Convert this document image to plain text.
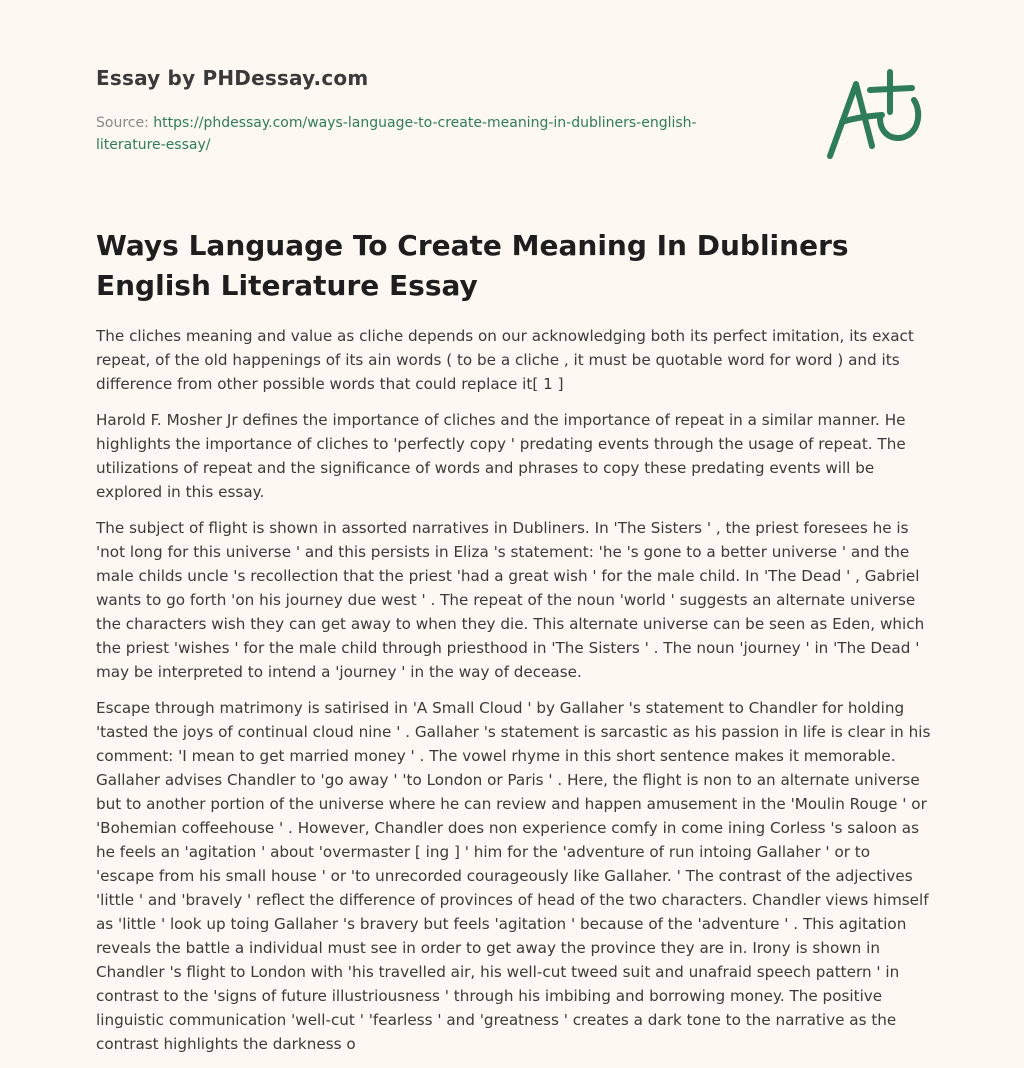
Essay by PHDessay.com
Source: https://phdessay.com/ways-language-to-create-meaning-in-dubliners-english-literature-essay/
Ways Language To Create Meaning In Dubliners English Literature Essay

The cliches meaning and value as cliche depends on our acknowledging both its perfect imitation, its exact repeat, of the old happenings of its ain words ( to be a cliche , it must be quotable word for word ) and its difference from other possible words that could replace it[ 1 ]

Harold F. Mosher Jr defines the importance of cliches and the importance of repeat in a similar manner. He highlights the importance of cliches to 'perfectly copy ' predating events through the usage of repeat. The utilizations of repeat and the significance of words and phrases to copy these predating events will be explored in this essay.

The subject of flight is shown in assorted narratives in Dubliners. In 'The Sisters ' , the priest foresees he is 'not long for this universe ' and this persists in Eliza 's statement: 'he 's gone to a better universe ' and the male childs uncle 's recollection that the priest 'had a great wish ' for the male child. In 'The Dead ' , Gabriel wants to go forth 'on his journey due west ' . The repeat of the noun 'world ' suggests an alternate universe the characters wish they can get away to when they die. This alternate universe can be seen as Eden, which the priest 'wishes ' for the male child through priesthood in 'The Sisters ' . The noun 'journey ' in 'The Dead ' may be interpreted to intend a 'journey ' in the way of decease.

Escape through matrimony is satirised in 'A Small Cloud ' by Gallaher 's statement to Chandler for holding 'tasted the joys of continual cloud nine ' . Gallaher 's statement is sarcastic as his passion in life is clear in his comment: 'I mean to get married money ' . The vowel rhyme in this short sentence makes it memorable. Gallaher advises Chandler to 'go away ' 'to London or Paris ' . Here, the flight is non to an alternate universe but to another portion of the universe where he can review and happen amusement in the 'Moulin Rouge ' or 'Bohemian coffeehouse ' . However, Chandler does non experience comfy in come ining Corless 's saloon as he feels an 'agitation ' about 'overmaster [ ing ] ' him for the 'adventure of run intoing Gallaher ' or to 'escape from his small house ' or 'to unrecorded courageously like Gallaher. ' The contrast of the adjectives 'little ' and 'bravely ' reflect the difference of provinces of head of the two characters. Chandler views himself as 'little ' look up toing Gallaher 's bravery but feels 'agitation ' because of the 'adventure ' . This agitation reveals the battle a individual must see in order to get away the province they are in. Irony is shown in Chandler 's flight to London with 'his travelled air, his well-cut tweed suit and unafraid speech pattern ' in contrast to the 'signs of future illustriousness ' through his imbibing and borrowing money. The positive linguistic communication 'well-cut ' 'fearless ' and 'greatness ' creates a dark tone to the narrative as the contrast highlights the darkness o
